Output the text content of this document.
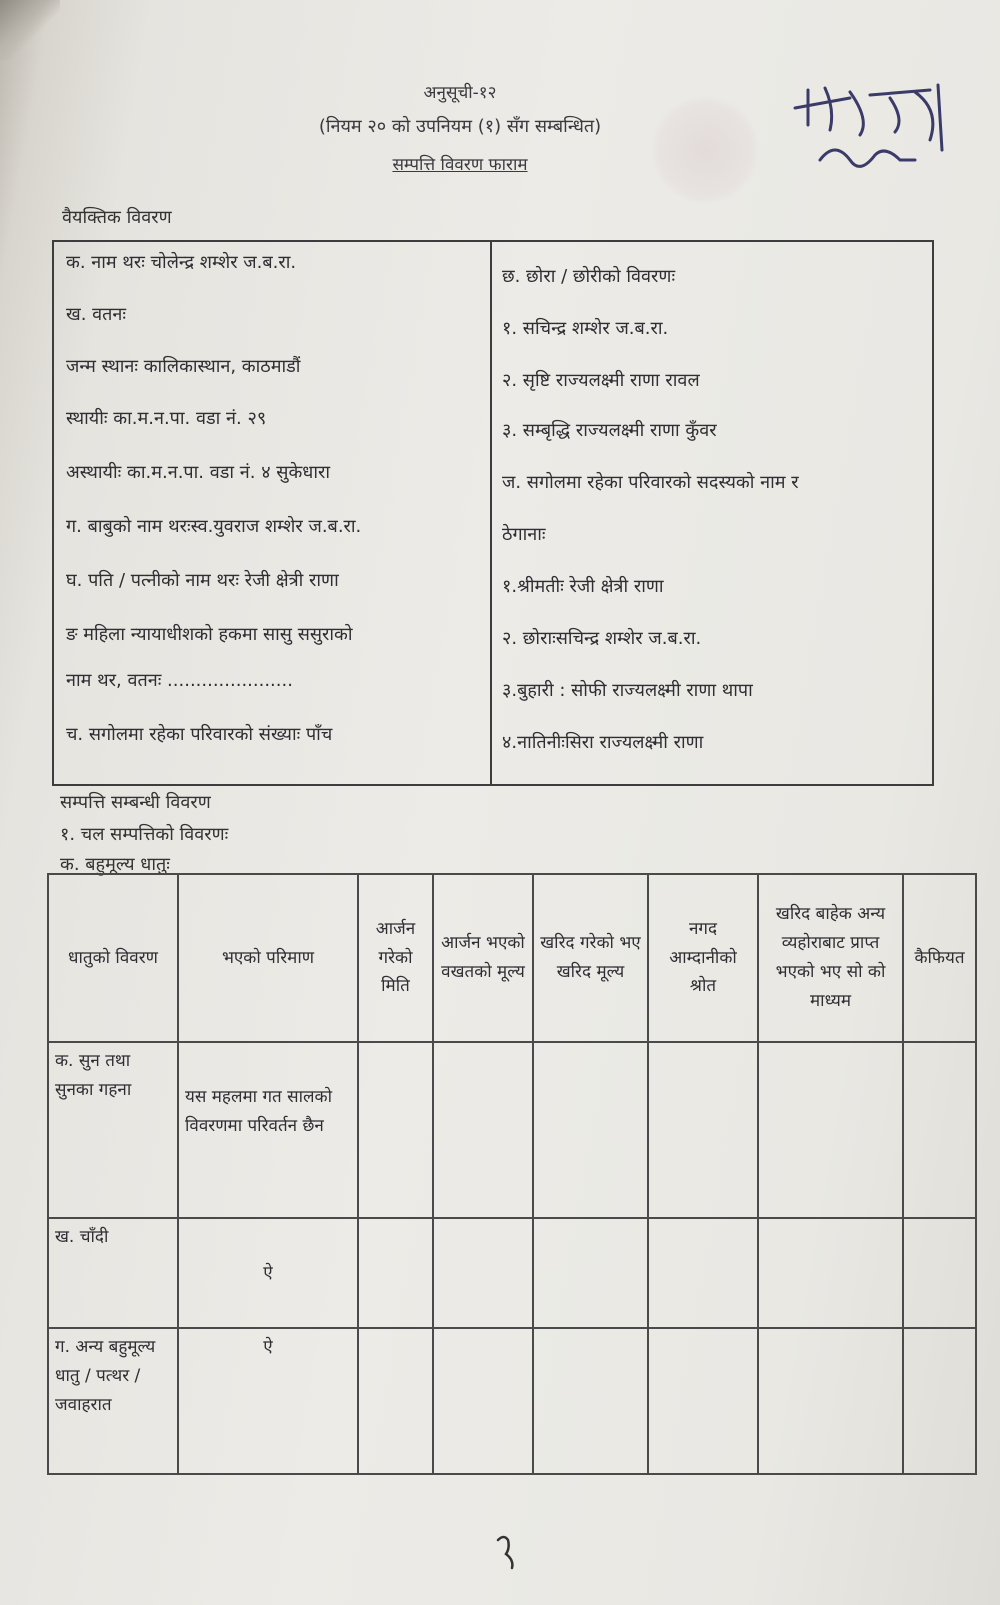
अनुसूची-१२
(नियम २० को उपनियम (१) सँग सम्बन्धित)
सम्पत्ति विवरण फाराम
वैयक्तिक विवरण
क. नाम थरः चोलेन्द्र शम्शेर ज.ब.रा.
ख. वतनः
जन्म स्थानः कालिकास्थान, काठमाडौं
स्थायीः का.म.न.पा. वडा नं. २९
अस्थायीः का.म.न.पा. वडा नं. ४ सुकेधारा
ग. बाबुको नाम थरःस्व.युवराज शम्शेर ज.ब.रा.
घ. पति / पत्नीको नाम थरः रेजी क्षेत्री राणा
ङ महिला न्यायाधीशको हकमा सासु ससुराको
नाम थर, वतनः ......................
च. सगोलमा रहेका परिवारको संख्याः पाँच
छ. छोरा / छोरीको विवरणः
१. सचिन्द्र शम्शेर ज.ब.रा.
२. सृष्टि राज्यलक्ष्मी राणा रावल
३. सम्बृद्धि राज्यलक्ष्मी राणा कुँवर
ज. सगोलमा रहेका परिवारको सदस्यको नाम र
ठेगानाः
१.श्रीमतीः रेजी क्षेत्री राणा
२. छोराःसचिन्द्र शम्शेर ज.ब.रा.
३.बुहारी : सोफी राज्यलक्ष्मी राणा थापा
४.नातिनीःसिरा राज्यलक्ष्मी राणा
सम्पत्ति सम्बन्धी विवरण
१. चल सम्पत्तिको विवरणः
क. बहुमूल्य धातुः
धातुको विवरण	भएको परिमाण	आर्जन गरेको मिति	आर्जन भएको वखतको मूल्य	खरिद गरेको भए खरिद मूल्य	नगद आम्दानीको श्रोत	खरिद बाहेक अन्य व्यहोराबाट प्राप्त भएको भए सो को माध्यम	कैफियत
क. सुन तथा सुनका गहना	यस महलमा गत सालको विवरणमा परिवर्तन छैन						
ख. चाँदी	ऐ						
ग. अन्य बहुमूल्य धातु / पत्थर / जवाहरात	ऐ						
